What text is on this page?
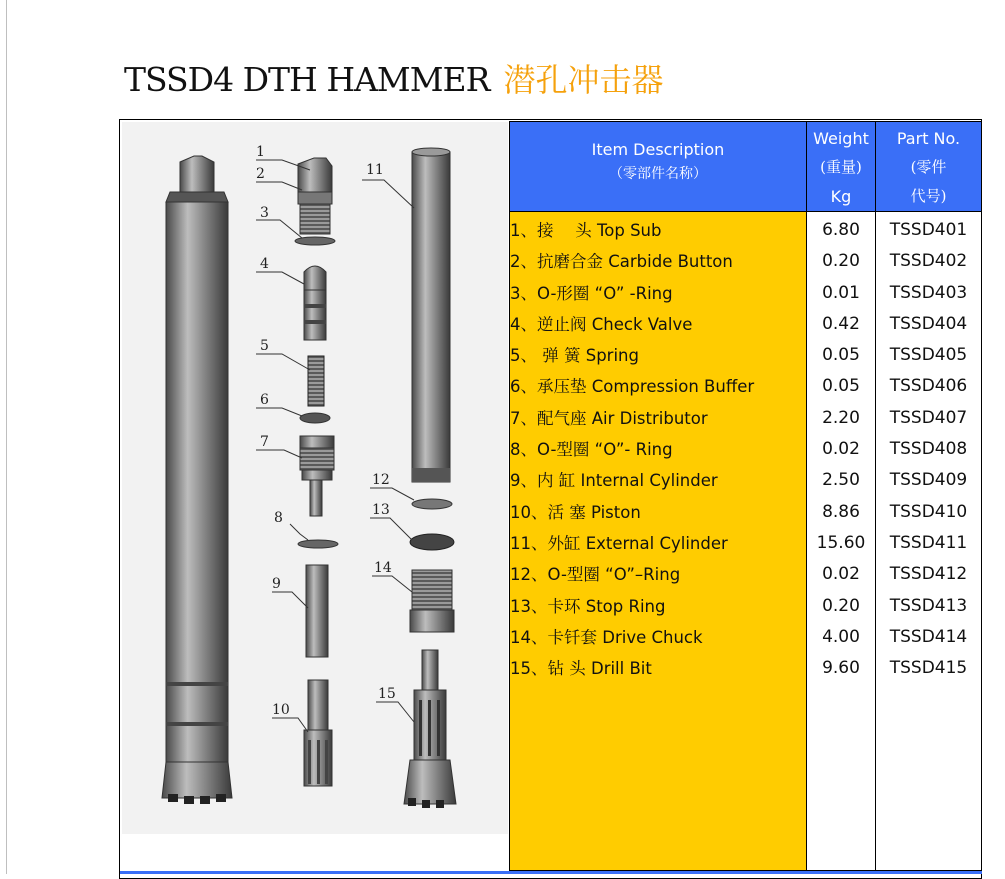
TSSD4 DTH HAMMER 潜孔冲击器
1
2
3
4
5
6
7
8
9
10
11
12
13
14
15
Item Description
（零部件名称）
Weight
(重量)
Kg
Part No.
(零件
代号)
1、接　 头 Top Sub
2、抗磨合金 Carbide Button
3、O-形圈 “O” -Ring
4、逆止阀 Check Valve
5、 弹 簧 Spring
6、承压垫 Compression Buffer
7、配气座 Air Distributor
8、O-型圈 “O”- Ring
9、内 缸 Internal Cylinder
10、活 塞 Piston
11、外缸 External Cylinder
12、O-型圈 “O”–Ring
13、卡环 Stop Ring
14、卡钎套 Drive Chuck
15、钻 头 Drill Bit
6.80
0.20
0.01
0.42
0.05
0.05
2.20
0.02
2.50
8.86
15.60
0.02
0.20
4.00
9.60
TSSD401
TSSD402
TSSD403
TSSD404
TSSD405
TSSD406
TSSD407
TSSD408
TSSD409
TSSD410
TSSD411
TSSD412
TSSD413
TSSD414
TSSD415
